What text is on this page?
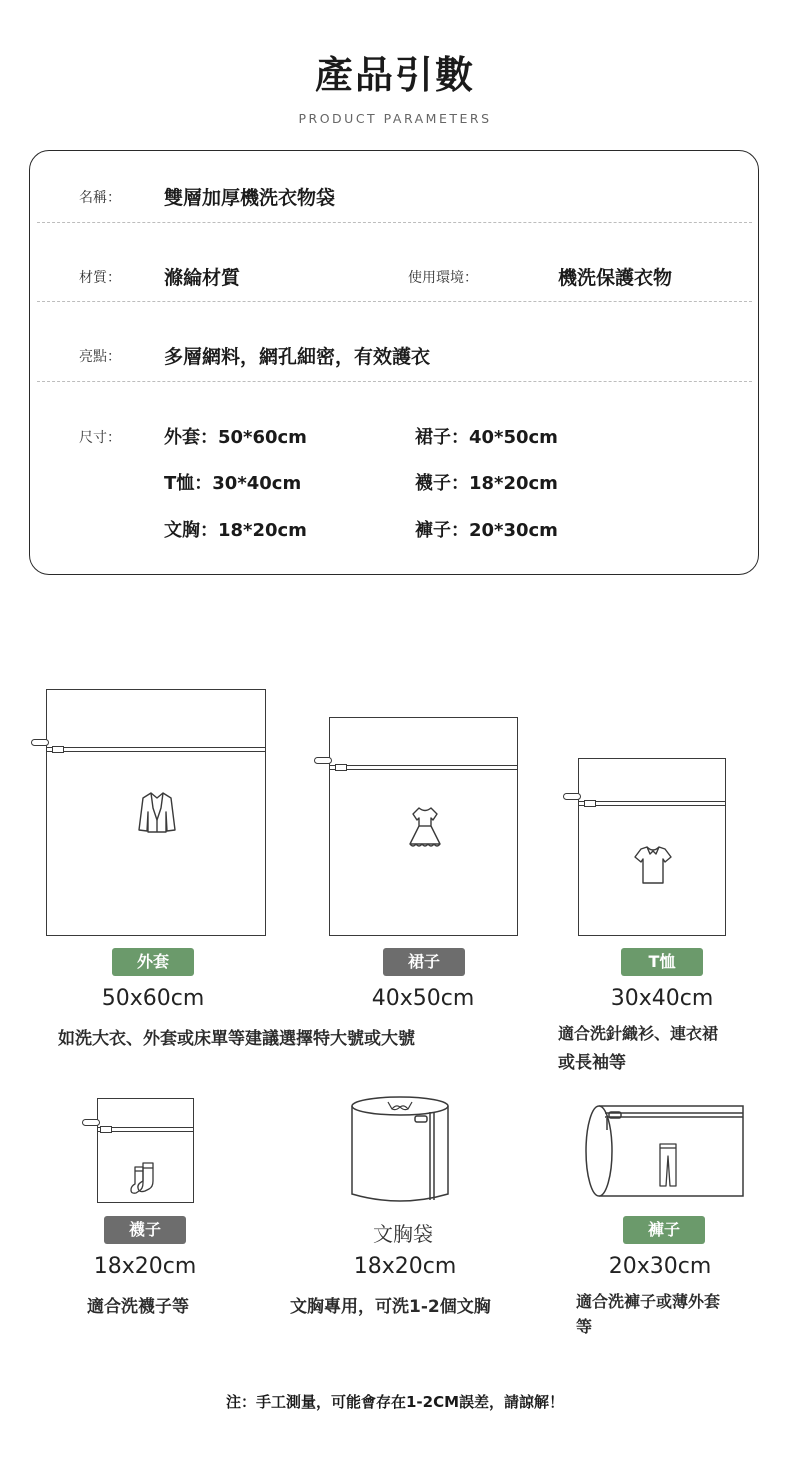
產品引數
PRODUCT PARAMETERS
名稱： 雙層加厚機洗衣物袋
材質： 滌綸材質	使用環境：	機洗保護衣物
亮點： 多層網料，網孔細密，有效護衣
尺寸： 外套：50*60cm	裙子：40*50cm
T恤：30*40cm	襪子：18*20cm
文胸：18*20cm	褲子：20*30cm
外套
50x60cm
如洗大衣、外套或床單等建議選擇特大號或大號
裙子
40x50cm
T恤
30x40cm
適合洗針織衫、連衣裙
或長袖等
襪子
18x20cm
適合洗襪子等
文胸袋
18x20cm
文胸專用，可洗1-2個文胸
褲子
20x30cm
適合洗褲子或薄外套
等
注：手工測量，可能會存在1-2CM誤差，請諒解！
